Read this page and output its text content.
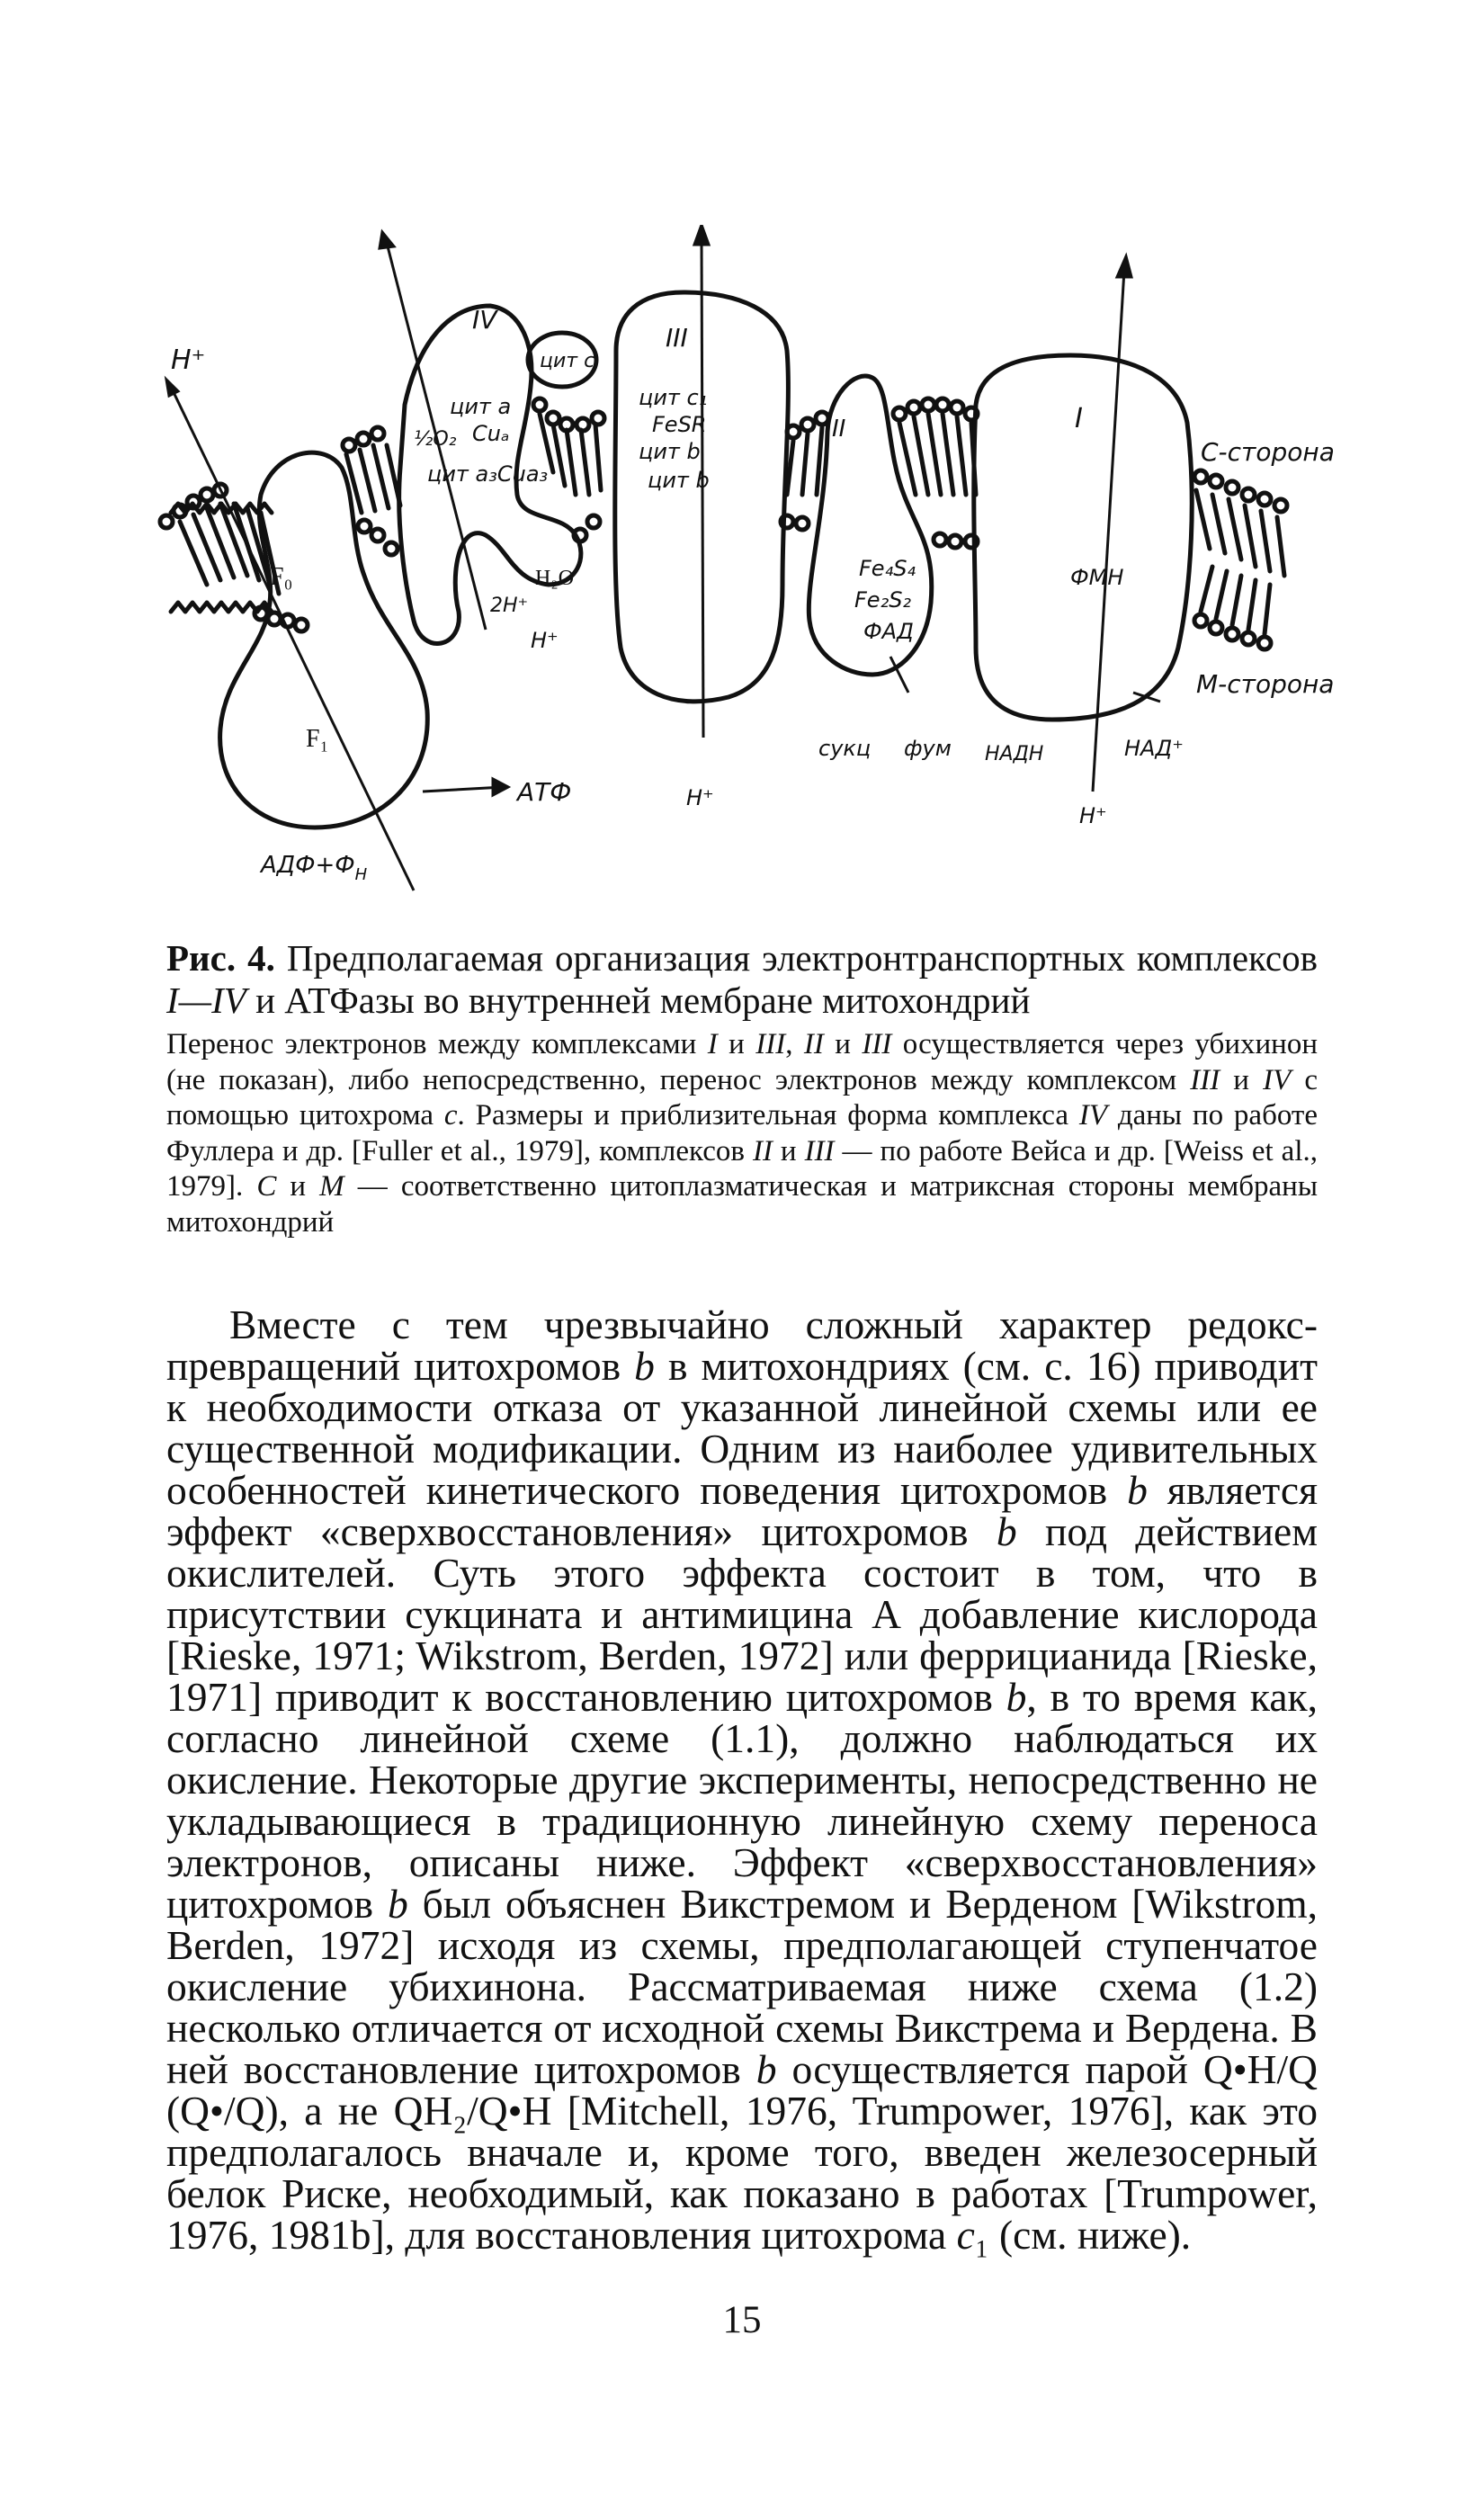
H⁺
F₀
F₁
$АДФ+Ф_Н$
АТФ
IV
цит c
цит a
½O₂ Cuₐ
цит a₃Cua₃
H₂O
2H⁺
H⁺
III
цит c₁
FeSR
цит b
цит b
H⁺
II
Fe₄S₄
Fe₂S₂
ФАД
сукц фум
I
ФМН
НАДН	НАД⁺
H⁺
С-сторона
М-сторона
Рис. 4. Предполагаемая организация электронтранспортных комплексов I—IV и АТФазы во внутренней мембране митохондрий
Перенос электронов между комплексами I и III, II и III осуществляется через убихинон (не показан), либо непосредственно, перенос электронов между комплексом III и IV с помощью цитохрома c. Размеры и приблизительная форма комплекса IV даны по работе Фуллера и др. [Fuller et al., 1979], комплексов II и III — по работе Вейса и др. [Weiss et al., 1979]. C и M — соответственно цитоплазматическая и матриксная стороны мембраны митохондрий

Вместе с тем чрезвычайно сложный характер редокс-превращений цитохромов b в митохондриях (см. с. 16) приводит к необходимости отказа от указанной линейной схемы или ее существенной модификации. Одним из наиболее удивительных особенностей кинетического поведения цитохромов b является эффект «сверхвосстановления» цитохромов b под действием окислителей. Суть этого эффекта состоит в том, что в присутствии сукцината и антимицина А добавление кислорода [Rieske, 1971; Wikstrom, Berden, 1972] или феррицианида [Rieske, 1971] приводит к восстановлению цитохромов b, в то время как, согласно линейной схеме (1.1), должно наблюдаться их окисление. Некоторые другие эксперименты, непосредственно не укладывающиеся в традиционную линейную схему переноса электронов, описаны ниже. Эффект «сверхвосстановления» цитохромов b был объяснен Викстремом и Верденом [Wikstrom, Berden, 1972] исходя из схемы, предполагающей ступенчатое окисление убихинона. Рассматриваемая ниже схема (1.2) несколько отличается от исходной схемы Викстрема и Вердена. В ней восстановление цитохромов b осуществляется парой Q•H/Q (Q•/Q), а не QH₂/Q•H [Mitchell, 1976, Trumpower, 1976], как это предполагалось вначале и, кроме того, введен железосерный белок Риске, необходимый, как показано в работах [Trumpower, 1976, 1981b], для восстановления цитохрома c₁ (см. ниже).

15
